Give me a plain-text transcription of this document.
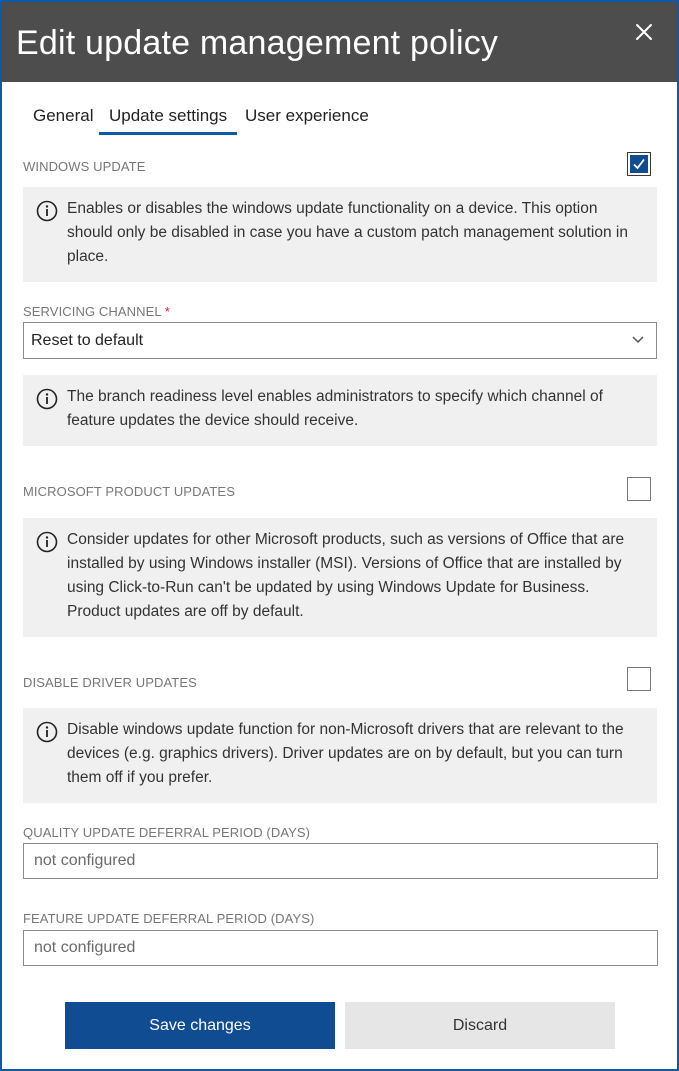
Edit update management policy
General Update settings User experience
WINDOWS UPDATE
Enables or disables the windows update functionality on a device. This option should only be disabled in case you have a custom patch management solution in place.
SERVICING CHANNEL *
Reset to default
The branch readiness level enables administrators to specify which channel of feature updates the device should receive.
MICROSOFT PRODUCT UPDATES
Consider updates for other Microsoft products, such as versions of Office that are installed by using Windows installer (MSI). Versions of Office that are installed by using Click-to-Run can't be updated by using Windows Update for Business. Product updates are off by default.
DISABLE DRIVER UPDATES
Disable windows update function for non-Microsoft drivers that are relevant to the devices (e.g. graphics drivers). Driver updates are on by default, but you can turn them off if you prefer.
QUALITY UPDATE DEFERRAL PERIOD (DAYS)
not configured
FEATURE UPDATE DEFERRAL PERIOD (DAYS)
not configured
Save changes	Discard
